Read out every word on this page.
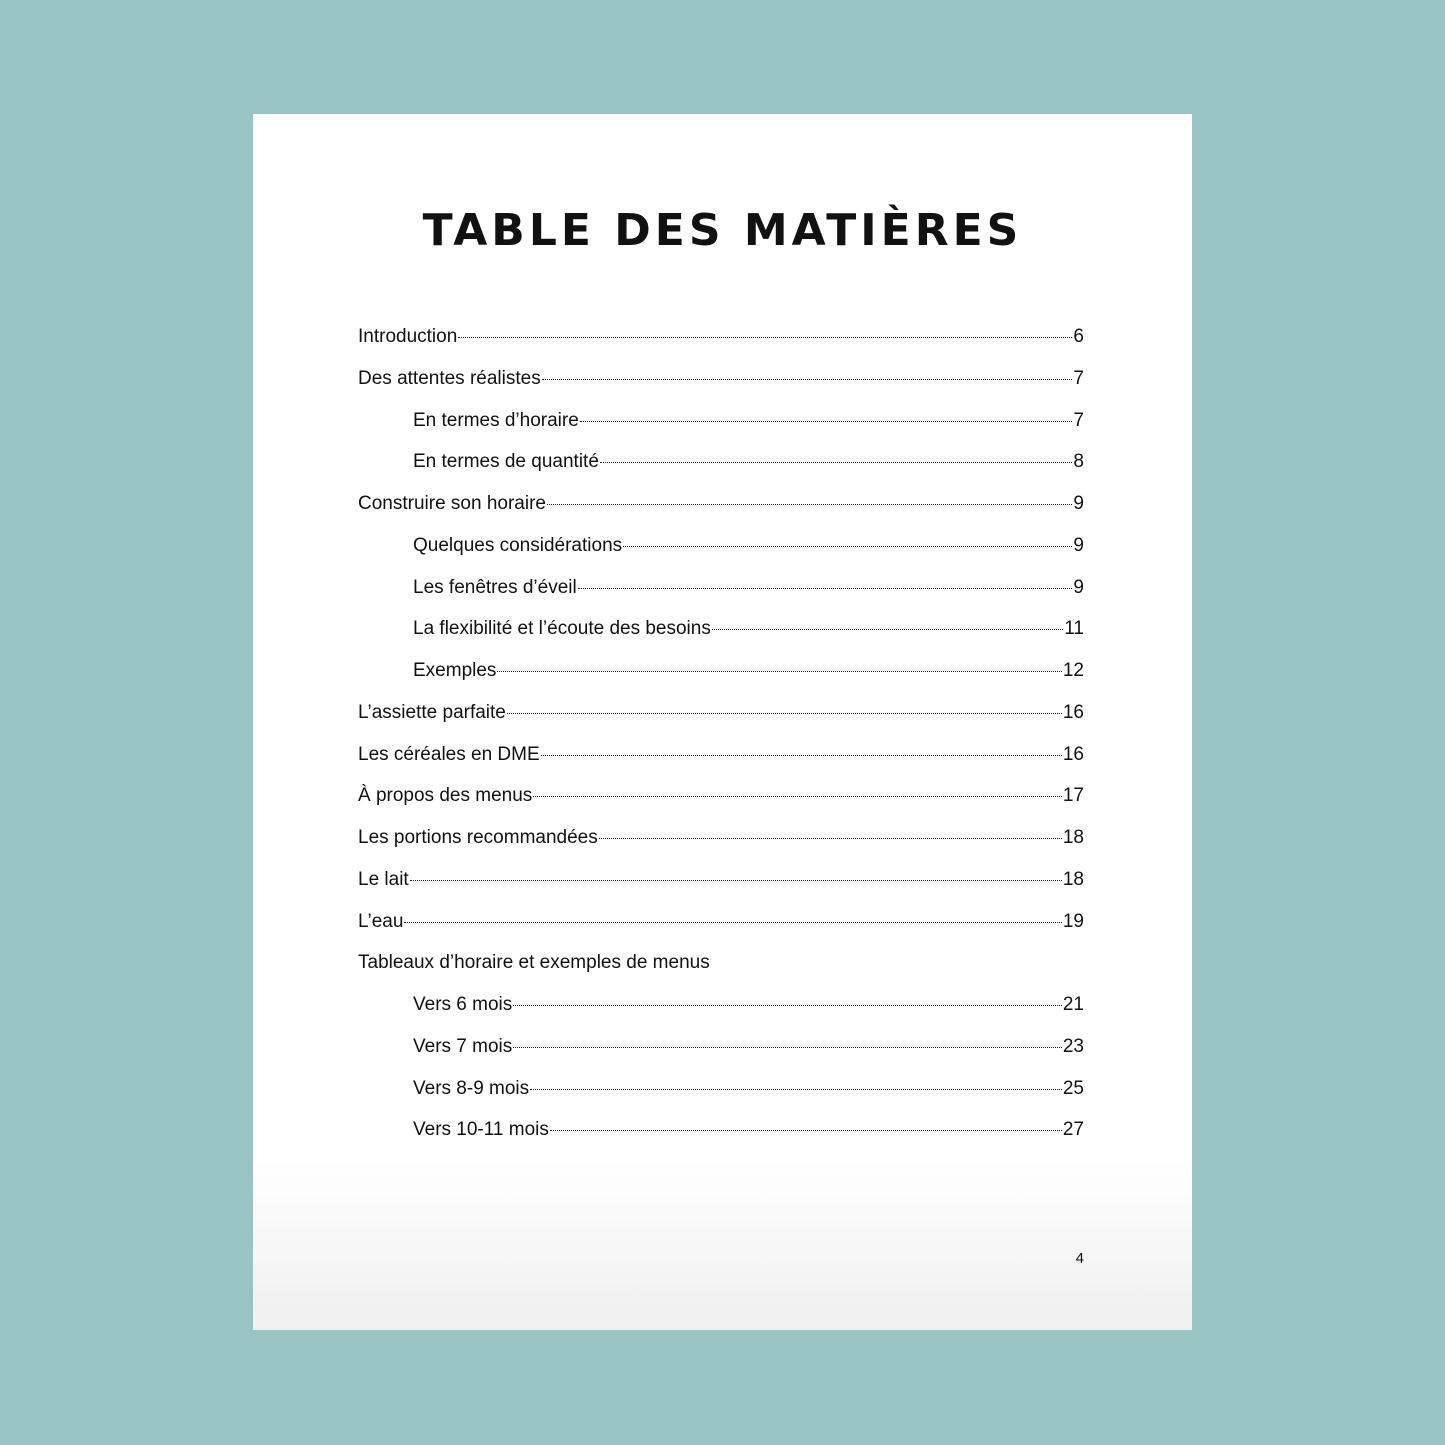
TABLE DES MATIÈRES
Introduction	6
Des attentes réalistes	7
En termes d’horaire	7
En termes de quantité	8
Construire son horaire	9
Quelques considérations	9
Les fenêtres d’éveil	9
La flexibilité et l’écoute des besoins	11
Exemples	12
L’assiette parfaite	16
Les céréales en DME	16
À propos des menus	17
Les portions recommandées	18
Le lait	18
L’eau	19
Tableaux d’horaire et exemples de menus
Vers 6 mois	21
Vers 7 mois	23
Vers 8-9 mois	25
Vers 10-11 mois	27
4
